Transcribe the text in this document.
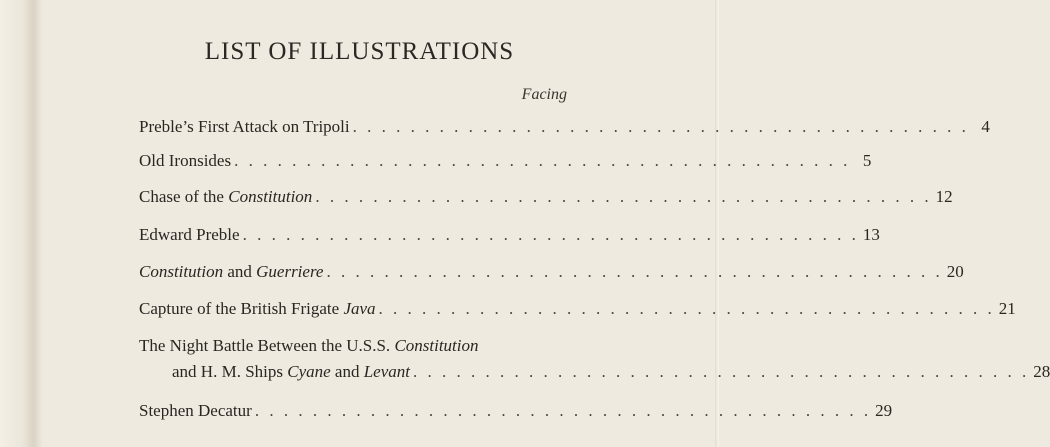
LIST OF ILLUSTRATIONS
Facing
Preble’s First Attack on Tripoli . . . . . . . . . . . . . . . . . . . . . . . . . . . . . . . . . . . . . . . . . . . 4
Old Ironsides . . . . . . . . . . . . . . . . . . . . . . . . . . . . . . . . . . . . . . . . . . . 5
Chase of the Constitution . . . . . . . . . . . . . . . . . . . . . . . . . . . . . . . . . . . . . . . . . . . 12
Edward Preble . . . . . . . . . . . . . . . . . . . . . . . . . . . . . . . . . . . . . . . . . . . 13
Constitution and Guerriere . . . . . . . . . . . . . . . . . . . . . . . . . . . . . . . . . . . . . . . . . . . 20
Capture of the British Frigate Java . . . . . . . . . . . . . . . . . . . . . . . . . . . . . . . . . . . . . . . . . . . 21
The Night Battle Between the U.S.S. Constitution
and H. M. Ships Cyane and Levant . . . . . . . . . . . . . . . . . . . . . . . . . . . . . . . . . . . . . . . . . . . 28
Stephen Decatur . . . . . . . . . . . . . . . . . . . . . . . . . . . . . . . . . . . . . . . . . . . 29
